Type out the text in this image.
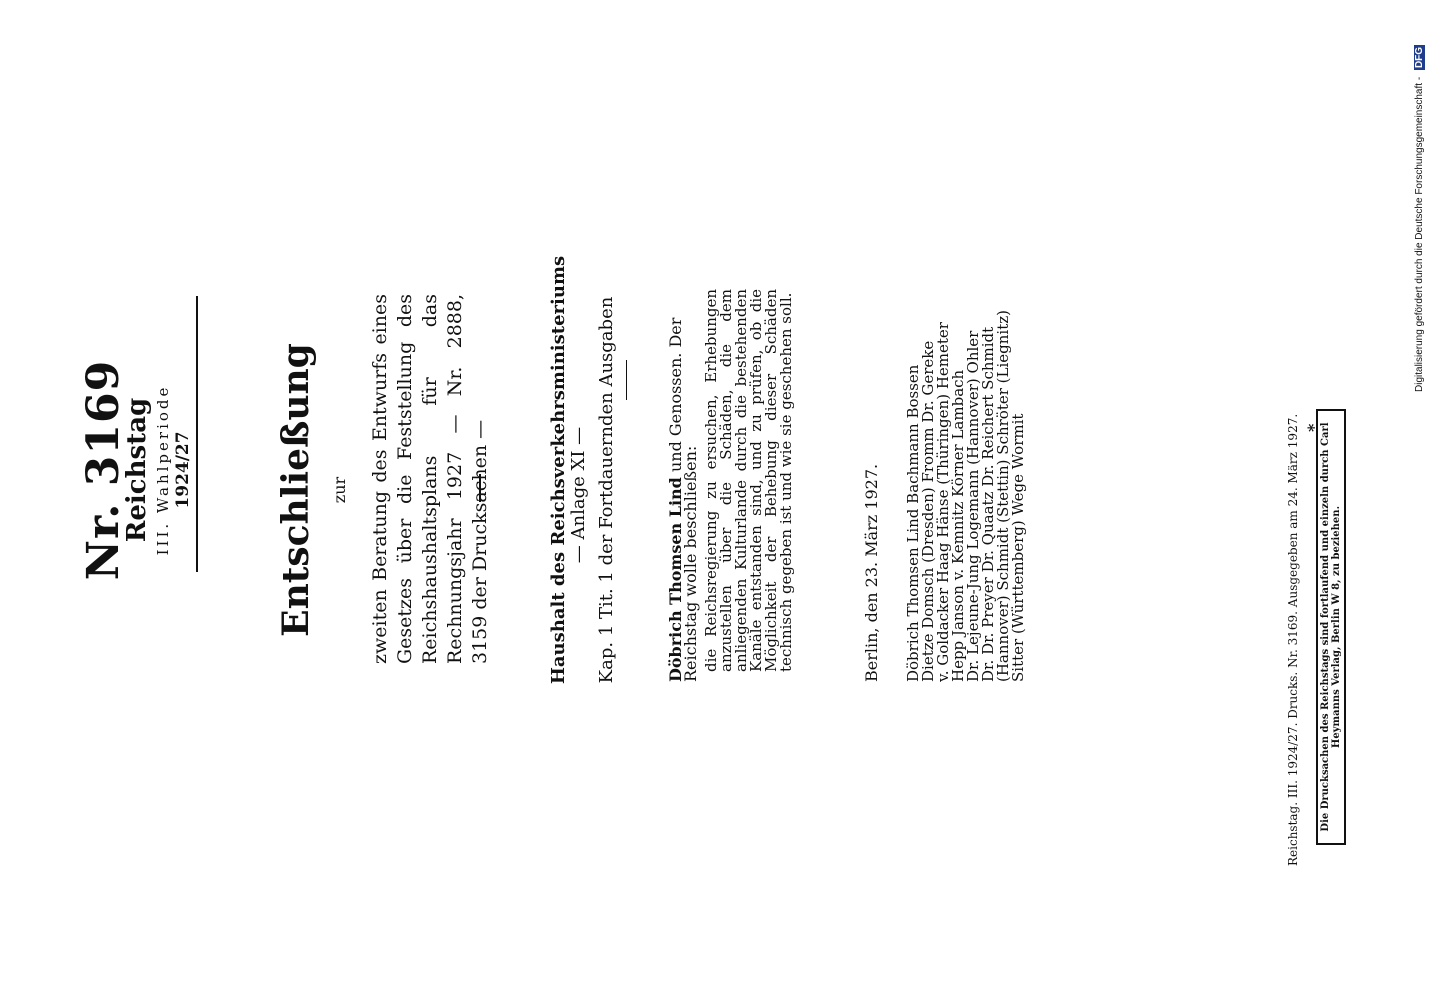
Nr. 3169
Reichstag III. Wahlperiode 1924/27 Entschließung zur zweiten Beratung des Entwurfs eines Gesetzes über die Feststellung des Reichshaushaltsplans für das Rechnungsjahr 1927 — Nr. 2888, 3159 der Drucksachen —	Haushalt des Reichsverkehrsministeriums — Anlage XI — Kap. 1 Tit. 1 der Fortdauernden Ausgaben	Döbrich Thomsen Lind und Genossen. Der Reichstag wolle beschließen: die Reichsregierung zu ersuchen, Erhebungen anzustellen über die Schäden, die dem anliegenden Kulturlande durch die bestehenden Kanäle entstanden sind, und zu prüfen, ob die Möglichkeit der Behebung dieser Schäden technisch gegeben ist und wie sie geschehen soll.	Berlin, den 23. März 1927. Döbrich Thomsen Lind Bachmann Bossen
Dietze Domsch (Dresden) Fromm Dr. Gereke
v. Goldacker Haag Hänse (Thüringen) Hemeter
Hepp Janson v. Kemnitz Körner Lambach
Dr. Lejeune-Jung Logemann (Hannover) Ohler
Dr. Dr. Preyer Dr. Quaatz Dr. Reichert Schmidt
(Hannover) Schmidt (Stettin) Schröter (Liegnitz)
Sitter (Württemberg) Wege Wormit
Reichstag. III. 1924/27. Drucks. Nr. 3169. Ausgegeben am 24. März 1927. *
Die Drucksachen des Reichstags sind fortlaufend und einzeln durch Carl Heymanns Verlag, Berlin W 8, zu beziehen.
Digitalisierung gefördert durch die Deutsche Forschungsgemeinschaft - DFG
